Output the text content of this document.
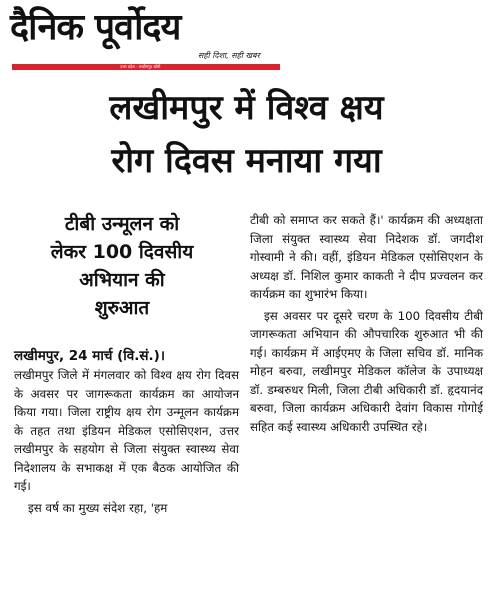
दैनिक पूर्वोदय
सही दिशा, सही खबर
उत्तर प्रदेश · लखीमपुर खीरी
लखीमपुर में विश्व क्षय
रोग दिवस मनाया गया
टीबी उन्मूलन को
लेकर 100 दिवसीय
अभियान की
शुरुआत
लखीमपुर, 24 मार्च (वि.सं.)।

लखीमपुर जिले में मंगलवार को विश्व क्षय रोग दिवस के अवसर पर जागरूकता कार्यक्रम का आयोजन किया गया। जिला राष्ट्रीय क्षय रोग उन्मूलन कार्यक्रम के तहत तथा इंडियन मेडिकल एसोसिएशन, उत्तर लखीमपुर के सहयोग से जिला संयुक्त स्वास्थ्य सेवा निदेशालय के सभाकक्ष में एक बैठक आयोजित की गई।

इस वर्ष का मुख्य संदेश रहा, 'हम

टीबी को समाप्त कर सकते हैं।' कार्यक्रम की अध्यक्षता जिला संयुक्त स्वास्थ्य सेवा निदेशक डॉ. जगदीश गोस्वामी ने की। वहीं, इंडियन मेडिकल एसोसिएशन के अध्यक्ष डॉ. निशिल कुमार काकती ने दीप प्रज्वलन कर कार्यक्रम का शुभारंभ किया।

इस अवसर पर दूसरे चरण के 100 दिवसीय टीबी जागरूकता अभियान की औपचारिक शुरुआत भी की गई। कार्यक्रम में आईएमए के जिला सचिव डॉ. मानिक मोहन बरुवा, लखीमपुर मेडिकल कॉलेज के उपाध्यक्ष डॉ. डम्बरुधर मिली, जिला टीबी अधिकारी डॉ. हृदयानंद बरुवा, जिला कार्यक्रम अधिकारी देवांग विकास गोगोई सहित कई स्वास्थ्य अधिकारी उपस्थित रहे।
